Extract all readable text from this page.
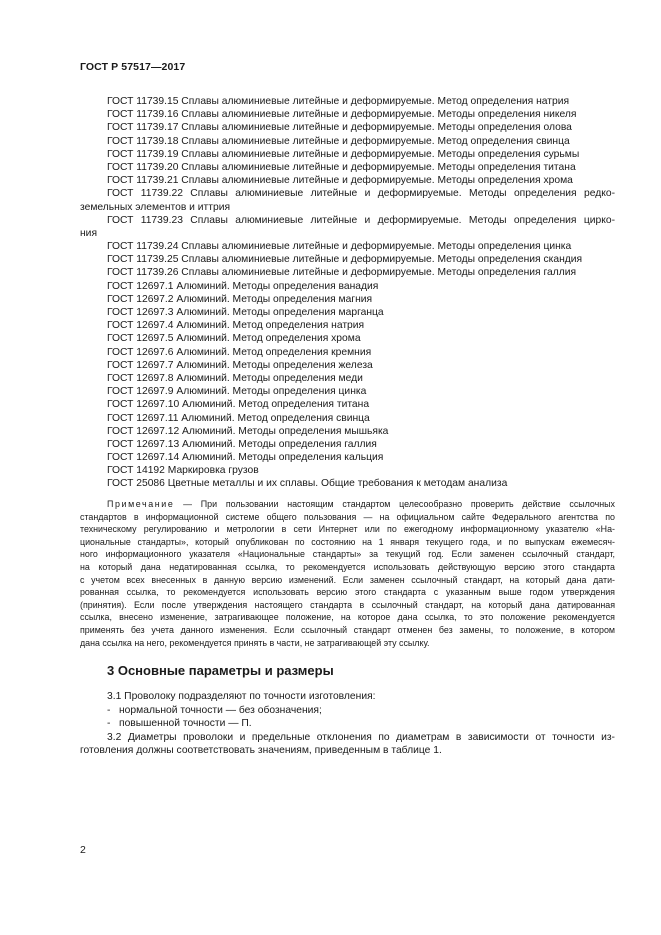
ГОСТ Р 57517—2017
ГОСТ 11739.15 Сплавы алюминиевые литейные и деформируемые. Метод определения натрия
ГОСТ 11739.16 Сплавы алюминиевые литейные и деформируемые. Методы определения никеля
ГОСТ 11739.17 Сплавы алюминиевые литейные и деформируемые. Методы определения олова
ГОСТ 11739.18 Сплавы алюминиевые литейные и деформируемые. Метод определения свинца
ГОСТ 11739.19 Сплавы алюминиевые литейные и деформируемые. Методы определения сурьмы
ГОСТ 11739.20 Сплавы алюминиевые литейные и деформируемые. Методы определения титана
ГОСТ 11739.21 Сплавы алюминиевые литейные и деформируемые. Методы определения хрома
ГОСТ 11739.22 Сплавы алюминиевые литейные и деформируемые. Методы определения редко-
земельных элементов и иттрия
ГОСТ 11739.23 Сплавы алюминиевые литейные и деформируемые. Методы определения цирко-
ния
ГОСТ 11739.24 Сплавы алюминиевые литейные и деформируемые. Методы определения цинка
ГОСТ 11739.25 Сплавы алюминиевые литейные и деформируемые. Методы определения скандия
ГОСТ 11739.26 Сплавы алюминиевые литейные и деформируемые. Методы определения галлия
ГОСТ 12697.1 Алюминий. Методы определения ванадия
ГОСТ 12697.2 Алюминий. Методы определения магния
ГОСТ 12697.3 Алюминий. Методы определения марганца
ГОСТ 12697.4 Алюминий. Метод определения натрия
ГОСТ 12697.5 Алюминий. Метод определения хрома
ГОСТ 12697.6 Алюминий. Метод определения кремния
ГОСТ 12697.7 Алюминий. Методы определения железа
ГОСТ 12697.8 Алюминий. Методы определения меди
ГОСТ 12697.9 Алюминий. Методы определения цинка
ГОСТ 12697.10 Алюминий. Метод определения титана
ГОСТ 12697.11 Алюминий. Метод определения свинца
ГОСТ 12697.12 Алюминий. Методы определения мышьяка
ГОСТ 12697.13 Алюминий. Методы определения галлия
ГОСТ 12697.14 Алюминий. Методы определения кальция
ГОСТ 14192 Маркировка грузов
ГОСТ 25086 Цветные металлы и их сплавы. Общие требования к методам анализа
Примечание — При пользовании настоящим стандартом целесообразно проверить действие ссылочных
стандартов в информационной системе общего пользования — на официальном сайте Федерального агентства по
техническому регулированию и метрологии в сети Интернет или по ежегодному информационному указателю «На-
циональные стандарты», который опубликован по состоянию на 1 января текущего года, и по выпускам ежемесяч-
ного информационного указателя «Национальные стандарты» за текущий год. Если заменен ссылочный стандарт,
на который дана недатированная ссылка, то рекомендуется использовать действующую версию этого стандарта
с учетом всех внесенных в данную версию изменений. Если заменен ссылочный стандарт, на который дана дати-
рованная ссылка, то рекомендуется использовать версию этого стандарта с указанным выше годом утверждения
(принятия). Если после утверждения настоящего стандарта в ссылочный стандарт, на который дана датированная
ссылка, внесено изменение, затрагивающее положение, на которое дана ссылка, то это положение рекомендуется
применять без учета данного изменения. Если ссылочный стандарт отменен без замены, то положение, в котором
дана ссылка на него, рекомендуется принять в части, не затрагивающей эту ссылку.
3 Основные параметры и размеры
3.1 Проволоку подразделяют по точности изготовления:
- нормальной точности — без обозначения;
- повышенной точности — П.
3.2 Диаметры проволоки и предельные отклонения по диаметрам в зависимости от точности из-
готовления должны соответствовать значениям, приведенным в таблице 1.
2
